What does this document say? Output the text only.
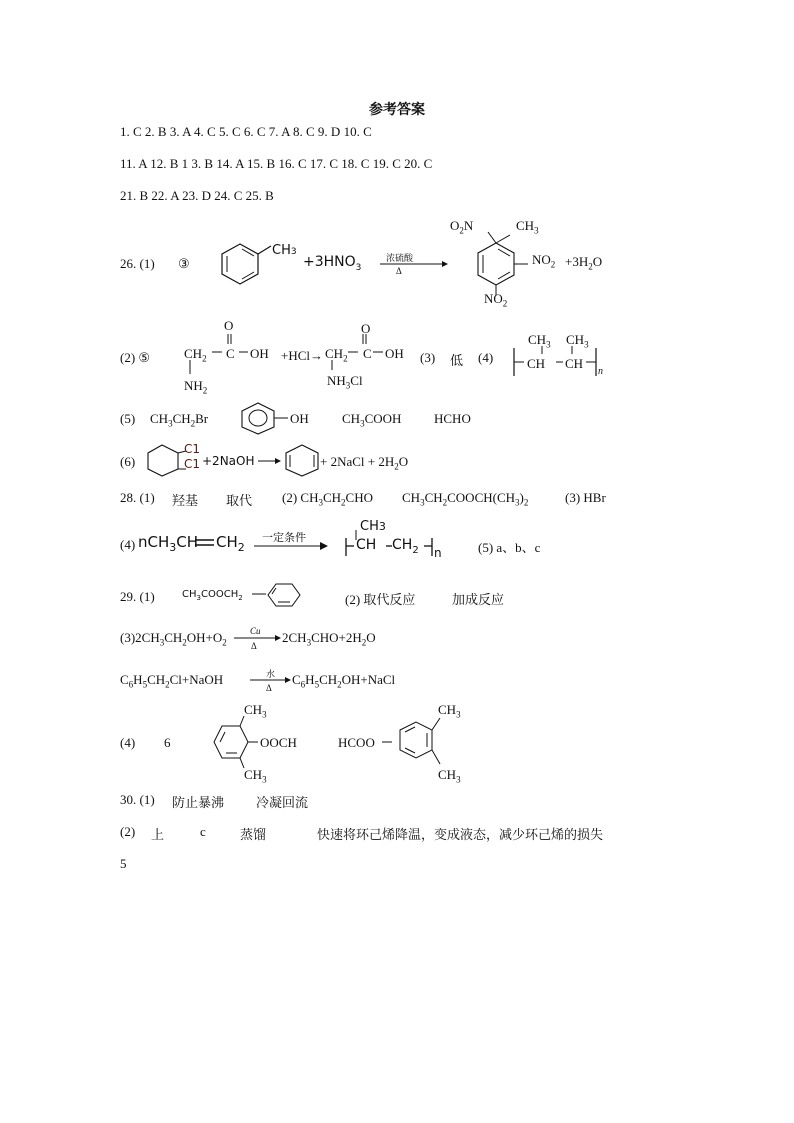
参考答案
1. C 2. B 3. A 4. C 5. C 6. C 7. A 8. C 9. D 10. C
11. A 12. B 1 3. B 14. A 15. B 16. C 17. C 18. C 19. C 20. C
21. B 22. A 23. D 24. C 25. B
26. (1) ③
CH3
$+3HNO_3$
浓硫酸
Δ
$O_2N$	$CH_3$
$NO_2 +3H_2O$
$NO_2$
(2) ⑤
O
$CH_2$ C OH
$NH_2$
+HCl→
O
$CH_2$ C OH
$NH_3Cl$
(3) 低 (4)
$CH_3$ $CH_3$
CH CH
n
(5) $CH_3CH_2Br$	OH	$CH_3COOH$	HCHO
(6)
C1
C1 +2NaOH	+ 2NaCl + $2H_2O$
28. (1) 羟基 取代 (2) $CH_3CH_2CHO$ $CH_3CH_2COOCH(CH_3)_2$	(3) HBr
(4) nCH$_3$CH $CH_2$
一定条件
CH3
CH $CH_2$ n	(5) a、b、c
29. (1)	$CH_3COOCH_2$	(2) 取代反应	加成反应
$(3)2CH_3CH_2OH+O_2$
Cu
Δ
$2CH_3CHO+2H_2O$
$C_6H_5CH_2Cl+NaOH$	水
Δ
$C_6H_5CH_2OH+NaCl$
(4) 6
$CH_3$
OOCH
$CH_3$
HCOO
$CH_3$
$CH_3$
30. (1) 防止暴沸 冷凝回流
(2) 上	c	蒸馏	快速将环己烯降温，变成液态，减少环己烯的损失
5
